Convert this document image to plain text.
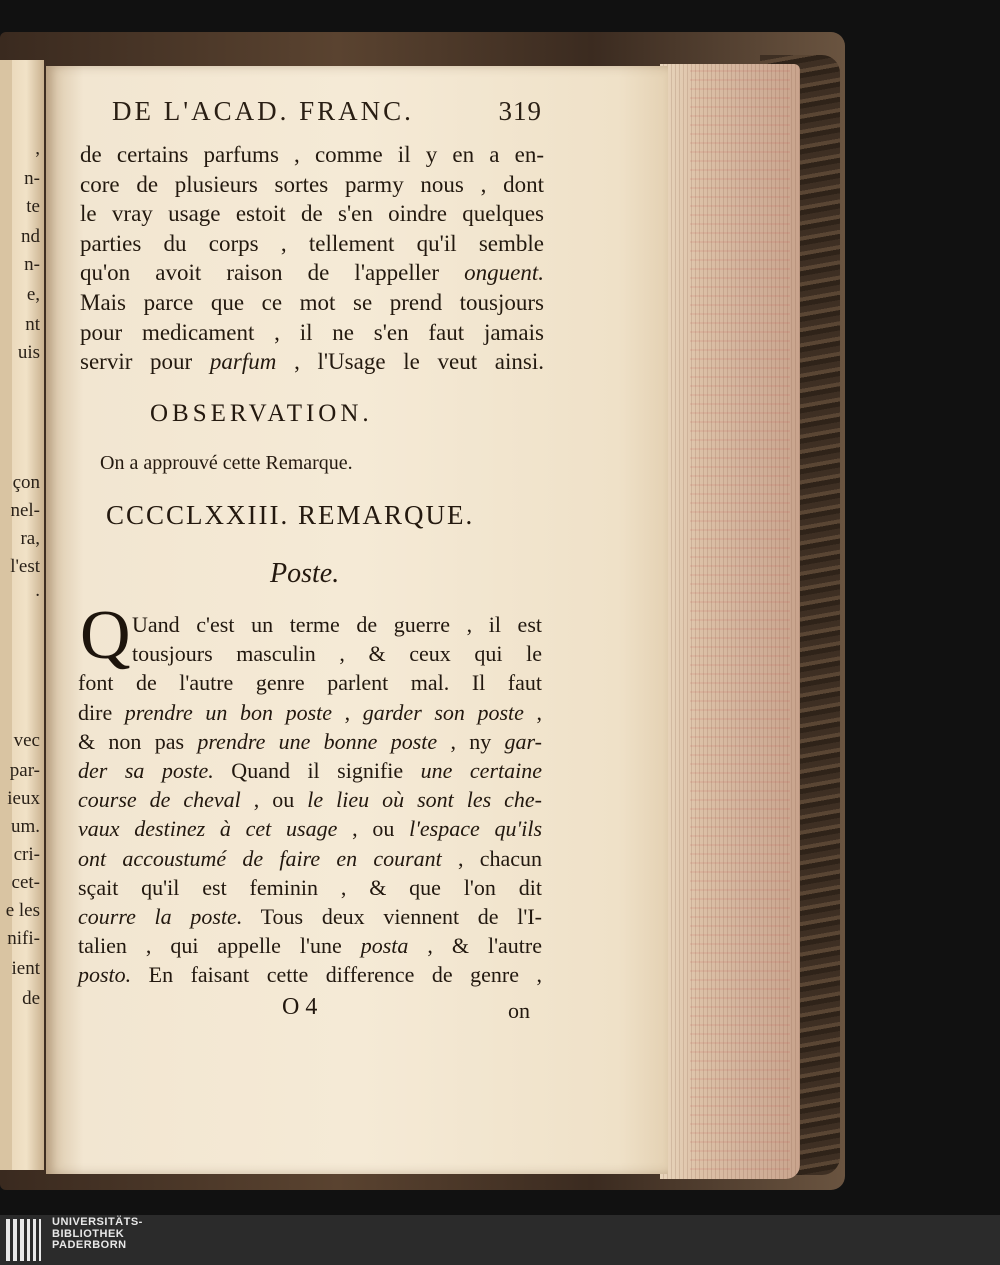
,
n-
te
nd
n-
e,
nt
uis
çon
nel-
ra,
l'est
.
vec
par-
ieux
um.
cri-
cet-
e les
nifi-
ient
de
DE L'ACAD. FRANC.	319
de certains parfums , comme il y en a en-
core de plusieurs sortes parmy nous , dont
le vray usage estoit de s'en oindre quelques
parties du corps , tellement qu'il semble
qu'on avoit raison de l'appeller onguent.
Mais parce que ce mot se prend tousjours
pour medicament , il ne s'en faut jamais
servir pour parfum , l'Usage le veut ainsi.
OBSERVATION.
On a approuvé cette Remarque.
CCCCLXXIII. REMARQUE.
Poste.
Q Uand c'est un terme de guerre , il est
tousjours masculin , & ceux qui le
font de l'autre genre parlent mal. Il faut
dire prendre un bon poste , garder son poste ,
& non pas prendre une bonne poste , ny gar-
der sa poste. Quand il signifie une certaine
course de cheval , ou le lieu où sont les che-
vaux destinez à cet usage , ou l'espace qu'ils
ont accoustumé de faire en courant , chacun
sçait qu'il est feminin , & que l'on dit
courre la poste. Tous deux viennent de l'I-
talien , qui appelle l'une posta , & l'autre
posto. En faisant cette difference de genre ,
O 4	on
UNIVERSITÄTS-
BIBLIOTHEK
PADERBORN
